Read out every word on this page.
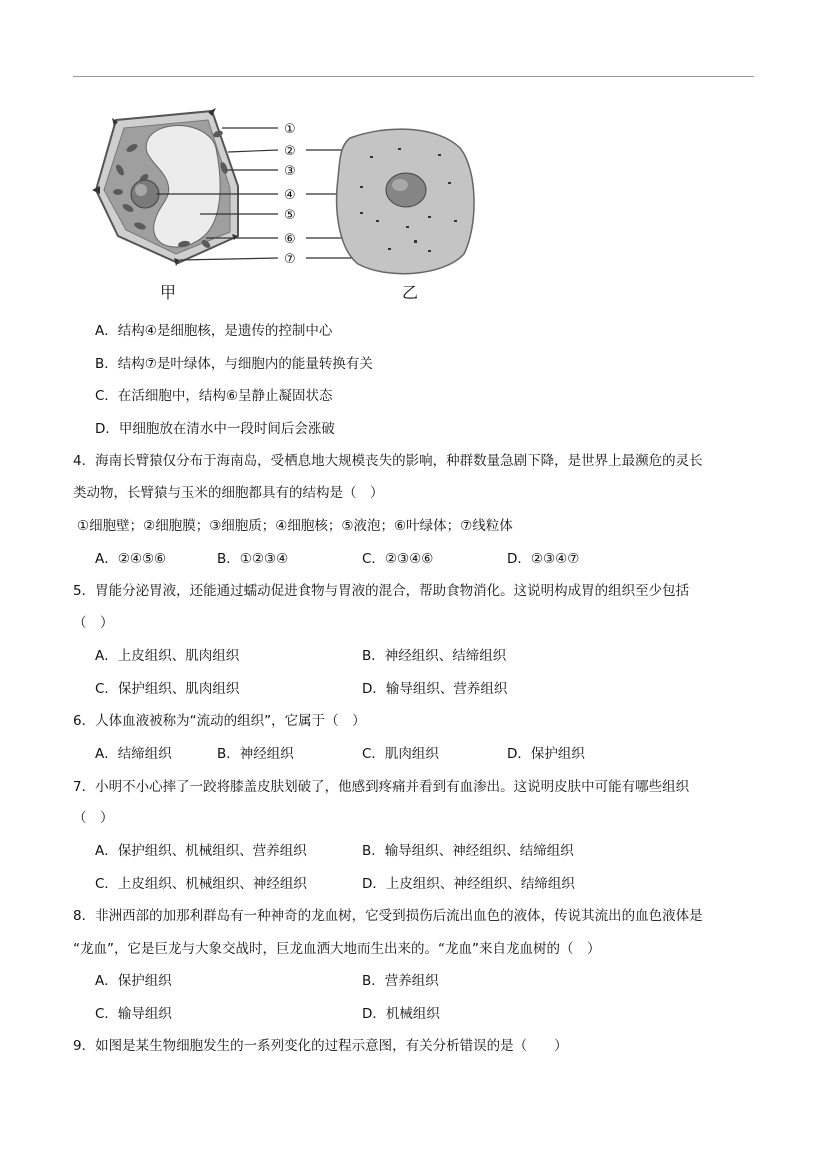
①
②
③
④
⑤
⑥
⑦
甲	乙
A．结构④是细胞核，是遗传的控制中心
B．结构⑦是叶绿体，与细胞内的能量转换有关
C．在活细胞中，结构⑥呈静止凝固状态
D．甲细胞放在清水中一段时间后会涨破
4．海南长臂猿仅分布于海南岛，受栖息地大规模丧失的影响，种群数量急剧下降，是世界上最濒危的灵长
类动物，长臂猿与玉米的细胞都具有的结构是（　）
①细胞壁；②细胞膜；③细胞质；④细胞核；⑤液泡；⑥叶绿体；⑦线粒体
A．②④⑤⑥	B．①②③④	C．②③④⑥	D．②③④⑦
5．胃能分泌胃液，还能通过蠕动促进食物与胃液的混合，帮助食物消化。这说明构成胃的组织至少包括
（　）
A．上皮组织、肌肉组织	B．神经组织、结缔组织
C．保护组织、肌肉组织	D．输导组织、营养组织
6．人体血液被称为“流动的组织”，它属于（　）
A．结缔组织	B．神经组织	C．肌肉组织	D．保护组织
7．小明不小心摔了一跤将膝盖皮肤划破了，他感到疼痛并看到有血渗出。这说明皮肤中可能有哪些组织
（　）
A．保护组织、机械组织、营养组织	B．输导组织、神经组织、结缔组织
C．上皮组织、机械组织、神经组织	D．上皮组织、神经组织、结缔组织
8．非洲西部的加那利群岛有一种神奇的龙血树，它受到损伤后流出血色的液体，传说其流出的血色液体是
“龙血”，它是巨龙与大象交战时，巨龙血洒大地而生出来的。“龙血”来自龙血树的（　）
A．保护组织	B．营养组织
C．输导组织	D．机械组织
9．如图是某生物细胞发生的一系列变化的过程示意图，有关分析错误的是（　　）
